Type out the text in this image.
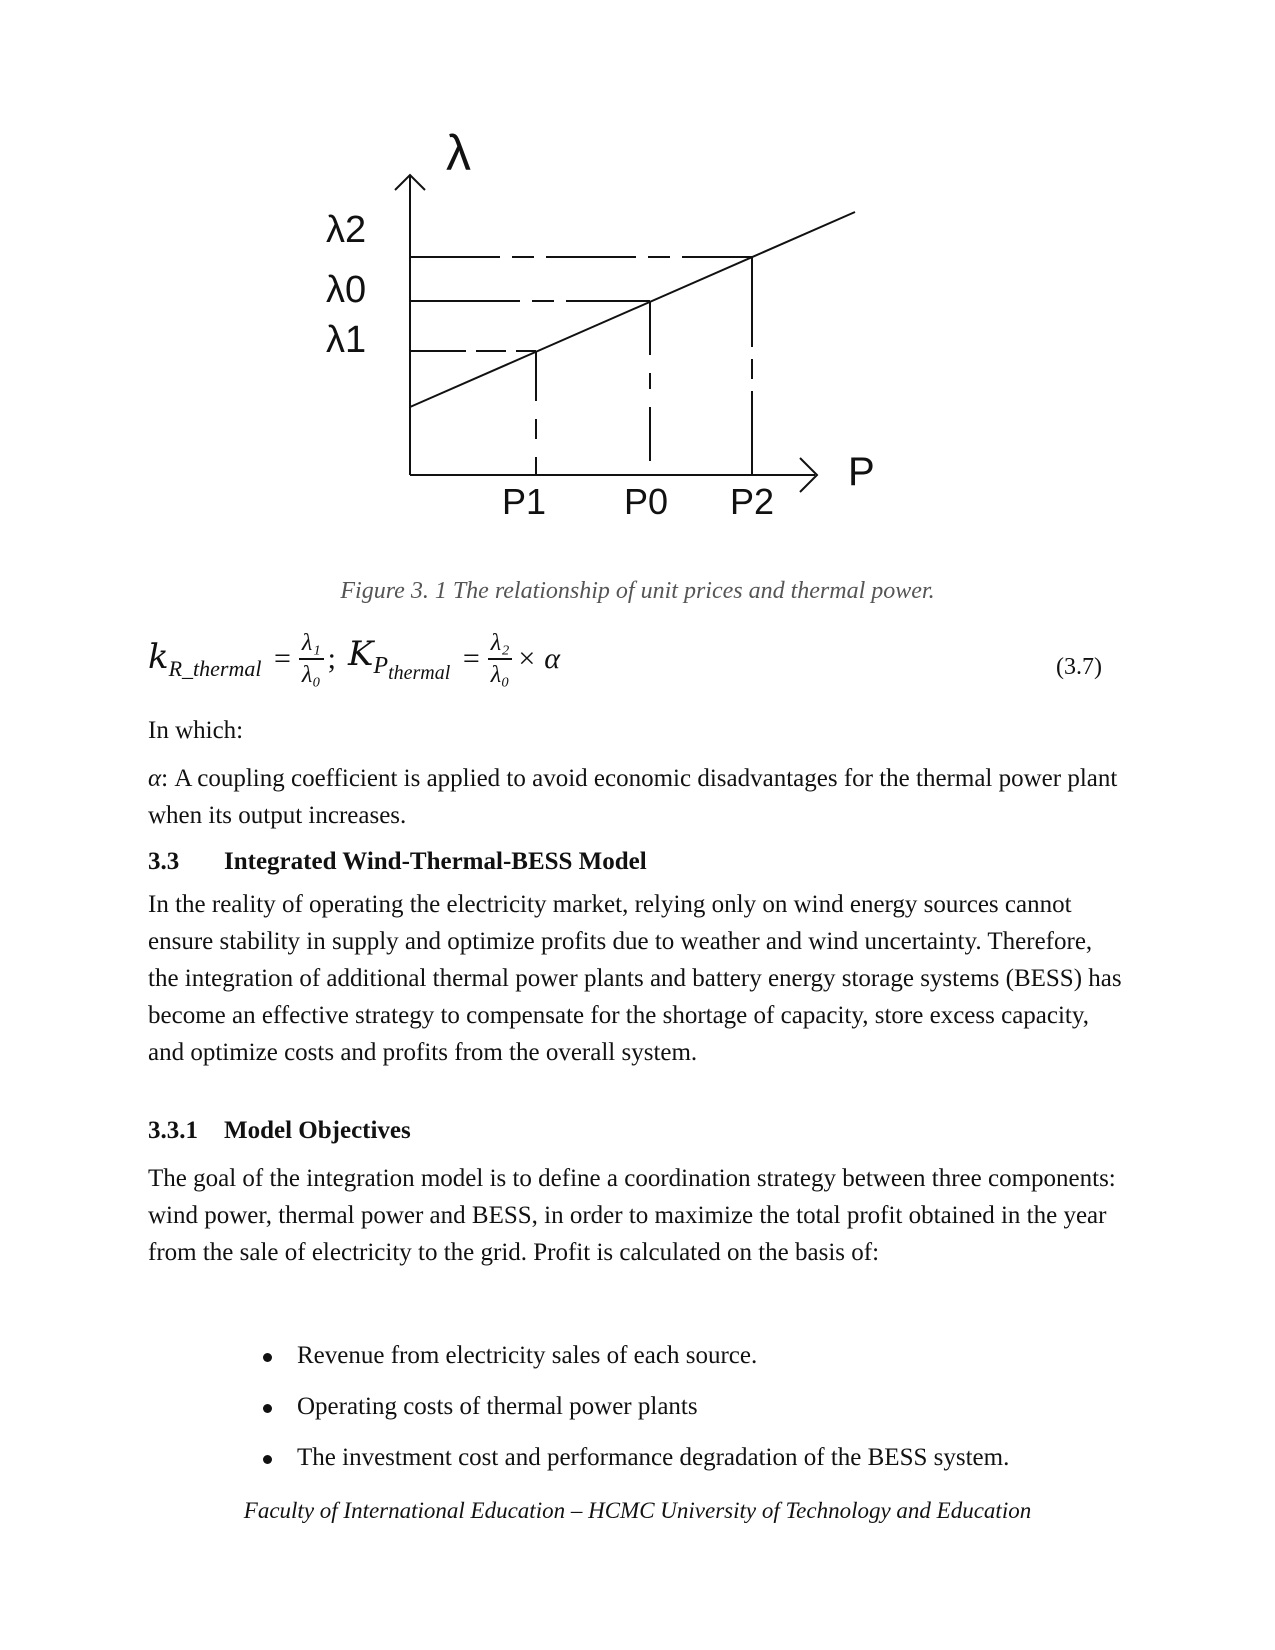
λ
P
λ2
λ0
λ1
P1 P0 P2
Figure 3. 1 The relationship of unit prices and thermal power.
$k_{R\_thermal} = \frac{\text{λ₁}}{\text{λ₀}}$ ; $K_{P_{thermal}} = \frac{\text{λ₂}}{\text{λ₀}} \times \alpha$	(3.7)
In which:
α: A coupling coefficient is applied to avoid economic disadvantages for the thermal power plant when its output increases.
3.3 Integrated Wind-Thermal-BESS Model
In the reality of operating the electricity market, relying only on wind energy sources cannot ensure stability in supply and optimize profits due to weather and wind uncertainty. Therefore, the integration of additional thermal power plants and battery energy storage systems (BESS) has become an effective strategy to compensate for the shortage of capacity, store excess capacity, and optimize costs and profits from the overall system.
3.3.1 Model Objectives
The goal of the integration model is to define a coordination strategy between three components: wind power, thermal power and BESS, in order to maximize the total profit obtained in the year from the sale of electricity to the grid. Profit is calculated on the basis of:
Revenue from electricity sales of each source.
Operating costs of thermal power plants
The investment cost and performance degradation of the BESS system.
Faculty of International Education – HCMC University of Technology and Education
